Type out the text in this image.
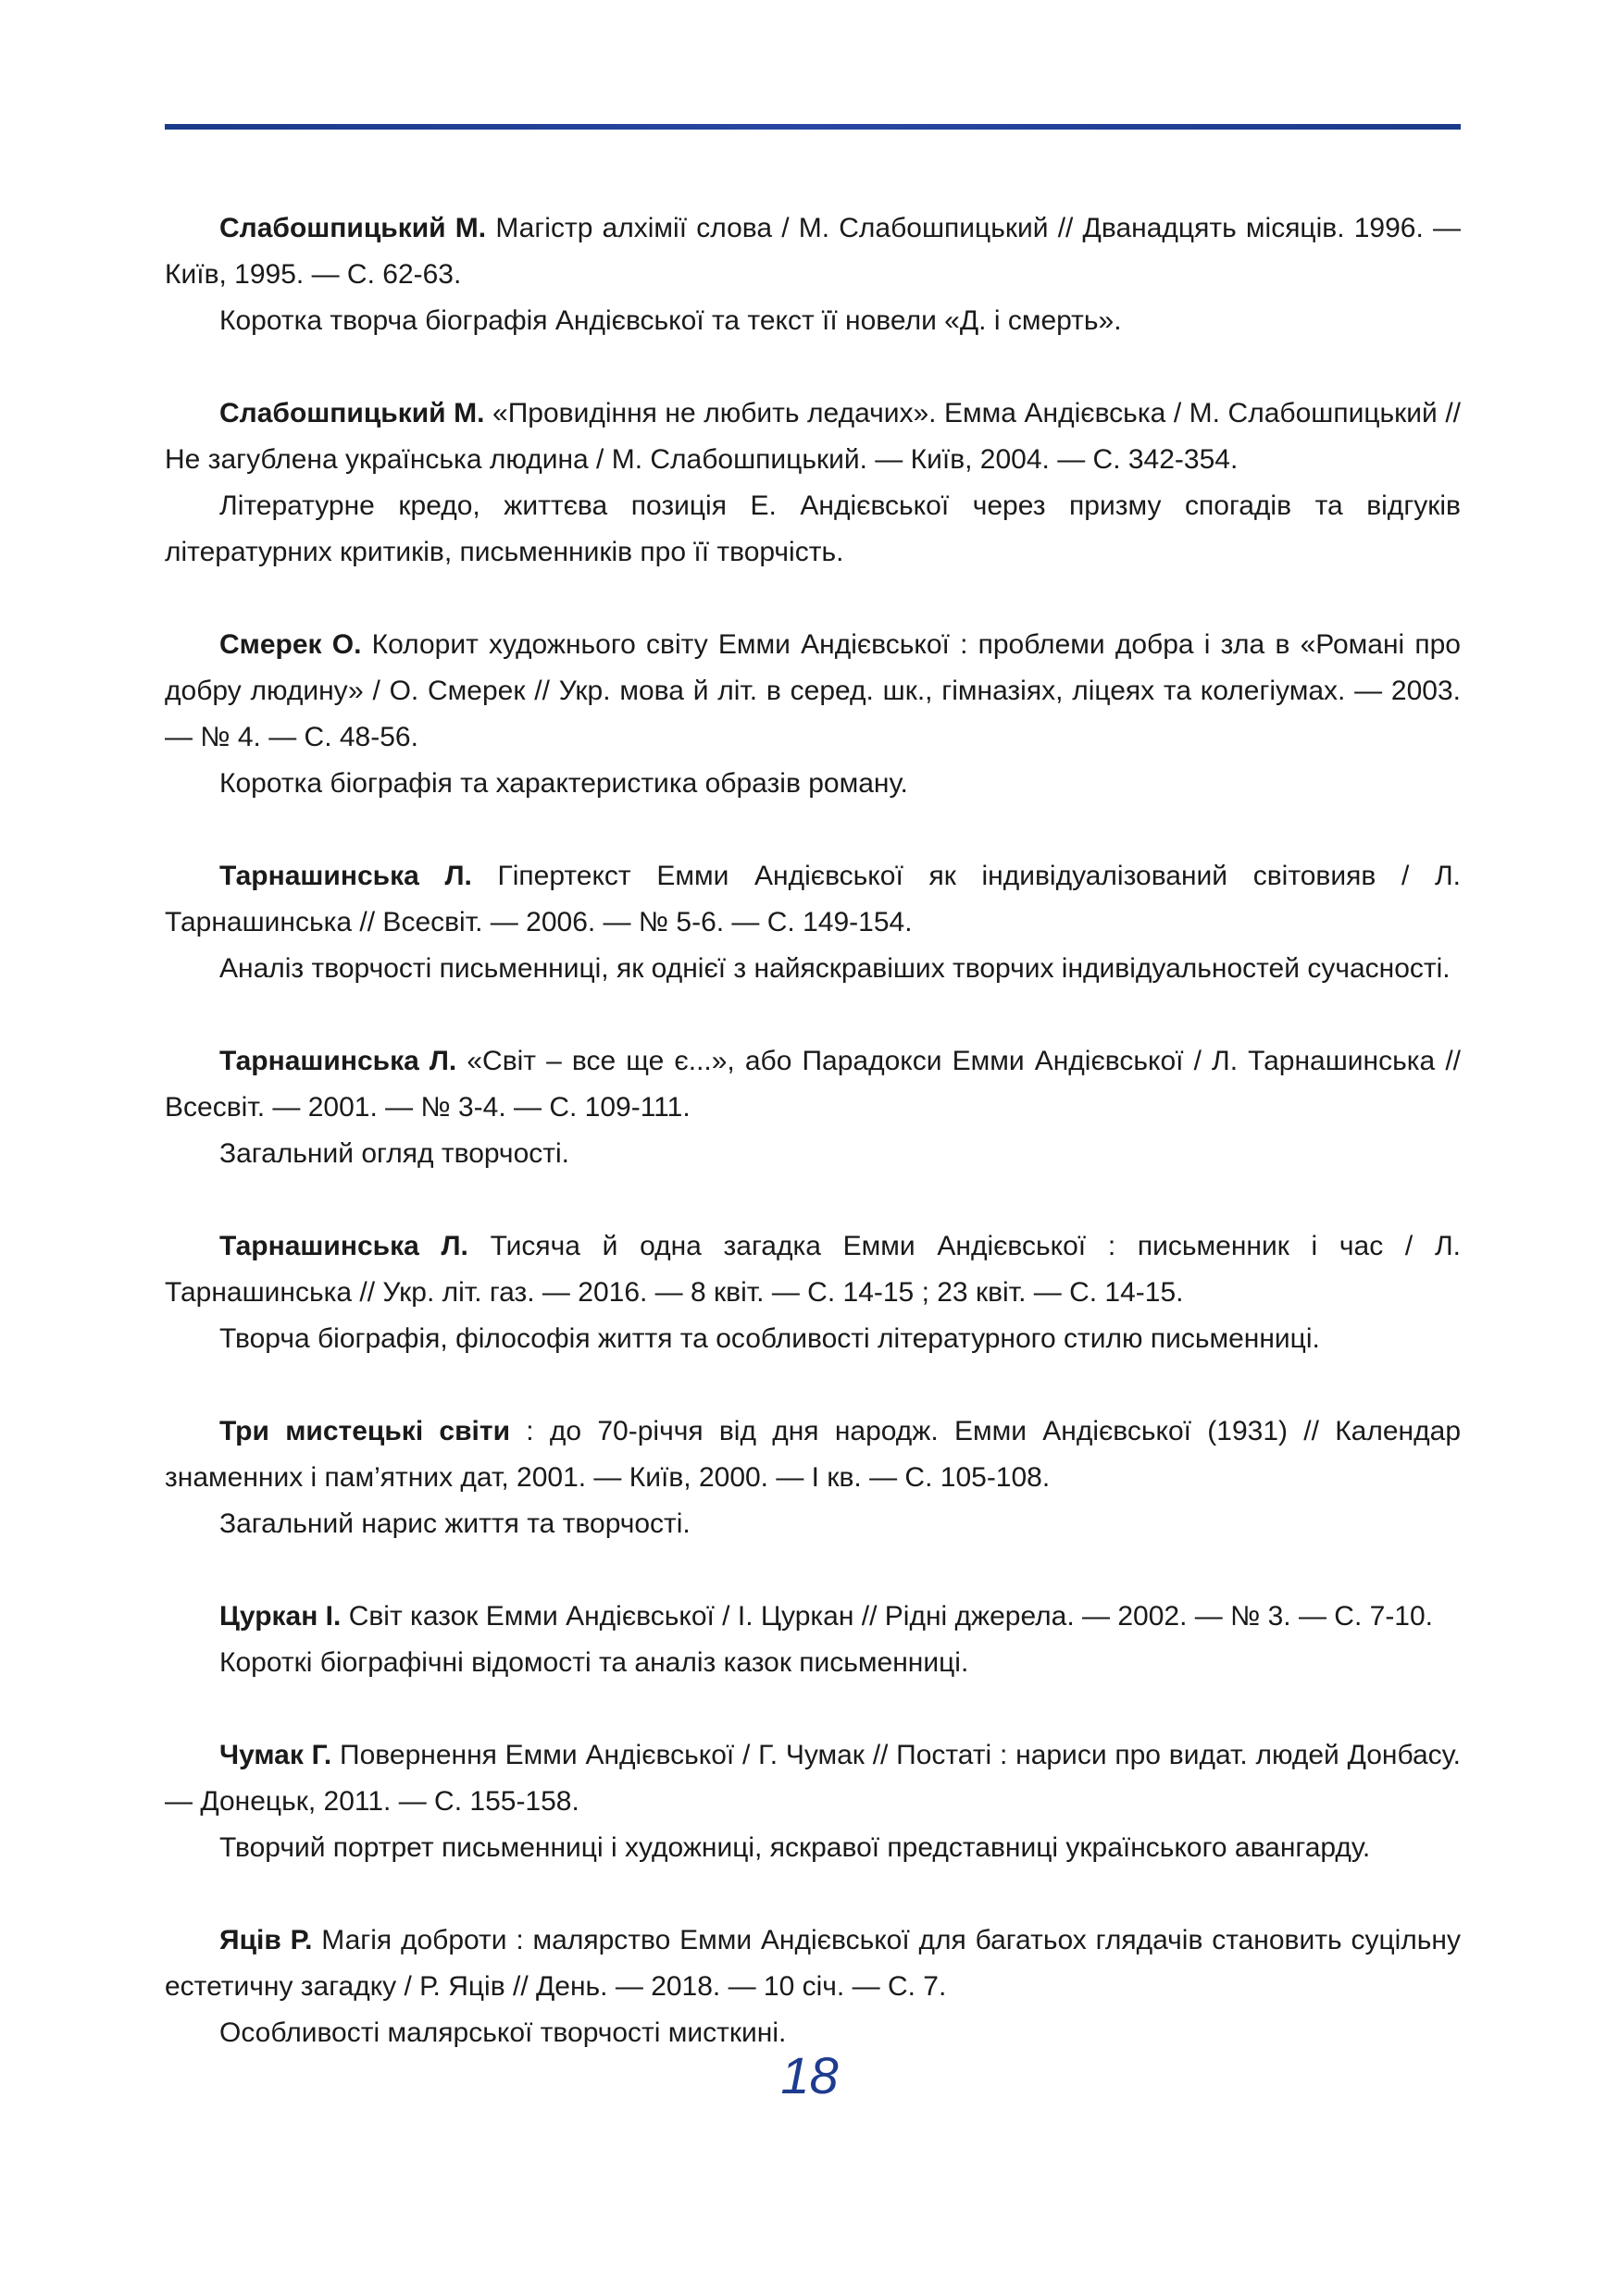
Слабошпицький М. Магістр алхімії слова / М. Слабошпицький // Дванадцять місяців. 1996. — Київ, 1995. — С. 62-63.

Коротка творча біографія Андієвської та текст її новели «Д. і смерть».

Слабошпицький М. «Провидіння не любить ледачих». Емма Андієвська / М. Слабошпицький // Не загублена українська людина / М. Слабошпицький. — Київ, 2004. — С. 342-354.

Літературне кредо, життєва позиція Е. Андієвської через призму спогадів та відгуків літературних критиків, письменників про її творчість.

Смерек О. Колорит художнього світу Емми Андієвської : проблеми добра і зла в «Романі про добру людину» / О. Смерек // Укр. мова й літ. в серед. шк., гімназіях, ліцеях та колегіумах. — 2003. — № 4. — С. 48-56.

Коротка біографія та характеристика образів роману.

Тарнашинська Л. Гіпертекст Емми Андієвської як індивідуалізований світовияв / Л. Тарнашинська // Всесвіт. — 2006. — № 5-6. — С. 149-154.

Аналіз творчості письменниці, як однієї з найяскравіших творчих індивідуальностей сучасності.

Тарнашинська Л. «Світ – все ще є...», або Парадокси Емми Андієвської / Л. Тарнашинська // Всесвіт. — 2001. — № 3-4. — С. 109-111.

Загальний огляд творчості.

Тарнашинська Л. Тисяча й одна загадка Емми Андієвської : письменник і час / Л. Тарнашинська // Укр. літ. газ. — 2016. — 8 квіт. — С. 14-15 ; 23 квіт. — С. 14-15.

Творча біографія, філософія життя та особливості літературного стилю письменниці.

Три мистецькі світи : до 70-річчя від дня народж. Емми Андієвської (1931) // Календар знаменних і пам’ятних дат, 2001. — Київ, 2000. — І кв. — С. 105-108.

Загальний нарис життя та творчості.

Цуркан І. Світ казок Емми Андієвської / І. Цуркан // Рідні джерела. — 2002. — № 3. — С. 7-10.

Короткі біографічні відомості та аналіз казок письменниці.

Чумак Г. Повернення Емми Андієвської / Г. Чумак // Постаті : нариси про видат. людей Донбасу. — Донецьк, 2011. — С. 155-158.

Творчий портрет письменниці і художниці, яскравої представниці українського авангарду.

Яців Р. Магія доброти : малярство Емми Андієвської для багатьох глядачів становить суцільну естетичну загадку / Р. Яців // День. — 2018. — 10 січ. — С. 7.

Особливості малярської творчості мисткині.

18
